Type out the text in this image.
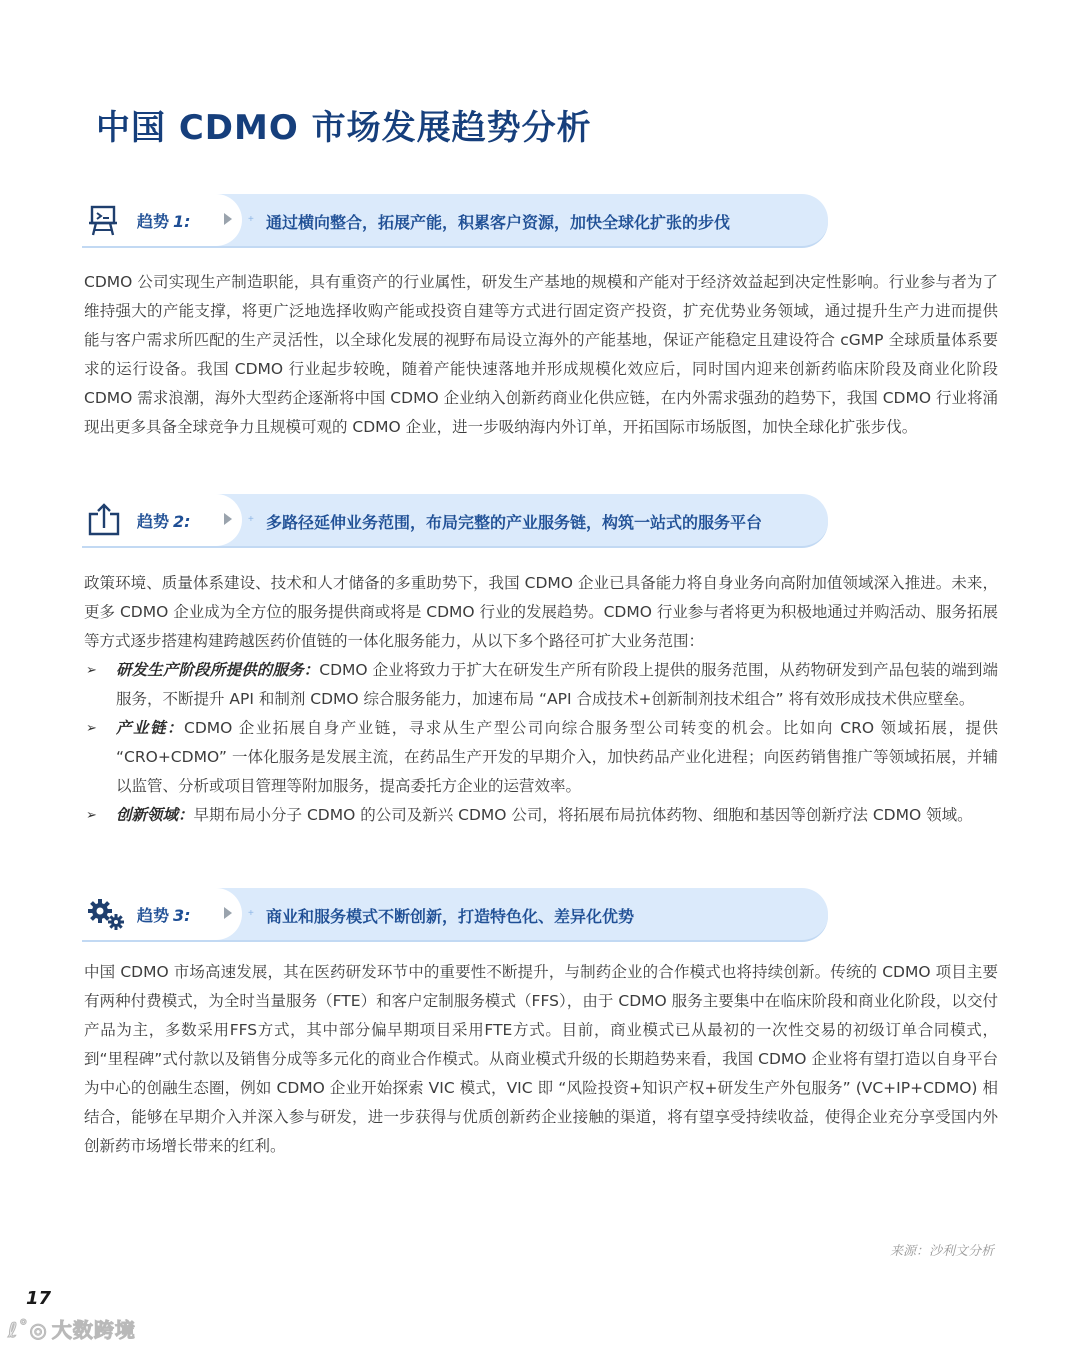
中国 CDMO 市场发展趋势分析
趋势 1:	+ 通过横向整合，拓展产能，积累客户资源，加快全球化扩张的步伐

CDMO 公司实现生产制造职能，具有重资产的行业属性，研发生产基地的规模和产能对于经济效益起到决定性影响。行业参与者为了维持强大的产能支撑，将更广泛地选择收购产能或投资自建等方式进行固定资产投资，扩充优势业务领域，通过提升生产力进而提供能与客户需求所匹配的生产灵活性，以全球化发展的视野布局设立海外的产能基地，保证产能稳定且建设符合 cGMP 全球质量体系要求的运行设备。我国 CDMO 行业起步较晚，随着产能快速落地并形成规模化效应后，同时国内迎来创新药临床阶段及商业化阶段 CDMO 需求浪潮，海外大型药企逐渐将中国 CDMO 企业纳入创新药商业化供应链，在内外需求强劲的趋势下，我国 CDMO 行业将涌现出更多具备全球竞争力且规模可观的 CDMO 企业，进一步吸纳海内外订单，开拓国际市场版图，加快全球化扩张步伐。

趋势 2:	+ 多路径延伸业务范围，布局完整的产业服务链，构筑一站式的服务平台

政策环境、质量体系建设、技术和人才储备的多重助势下，我国 CDMO 企业已具备能力将自身业务向高附加值领域深入推进。未来，更多 CDMO 企业成为全方位的服务提供商或将是 CDMO 行业的发展趋势。CDMO 行业参与者将更为积极地通过并购活动、服务拓展等方式逐步搭建构建跨越医药价值链的一体化服务能力，从以下多个路径可扩大业务范围：

➢ 研发生产阶段所提供的服务：CDMO 企业将致力于扩大在研发生产所有阶段上提供的服务范围，从药物研发到产品包装的端到端服务，不断提升 API 和制剂 CDMO 综合服务能力，加速布局 “API 合成技术+创新制剂技术组合” 将有效形成技术供应壁垒。
➢ 产业链：CDMO 企业拓展自身产业链，寻求从生产型公司向综合服务型公司转变的机会。比如向 CRO 领域拓展，提供 “CRO+CDMO” 一体化服务是发展主流，在药品生产开发的早期介入，加快药品产业化进程；向医药销售推广等领域拓展，并辅以监管、分析或项目管理等附加服务，提高委托方企业的运营效率。
➢ 创新领域：早期布局小分子 CDMO 的公司及新兴 CDMO 公司，将拓展布局抗体药物、细胞和基因等创新疗法 CDMO 领域。
趋势 3:	+ 商业和服务模式不断创新，打造特色化、差异化优势

中国 CDMO 市场高速发展，其在医药研发环节中的重要性不断提升，与制药企业的合作模式也将持续创新。传统的 CDMO 项目主要有两种付费模式，为全时当量服务（FTE）和客户定制服务模式（FFS），由于 CDMO 服务主要集中在临床阶段和商业化阶段，以交付产品为主，多数采用FFS方式，其中部分偏早期项目采用FTE方式。目前，商业模式已从最初的一次性交易的初级订单合同模式，到“里程碑”式付款以及销售分成等多元化的商业合作模式。从商业模式升级的长期趋势来看，我国 CDMO 企业将有望打造以自身平台为中心的创融生态圈，例如 CDMO 企业开始探索 VIC 模式，VIC 即 “风险投资+知识产权+研发生产外包服务” (VC+IP+CDMO) 相结合，能够在早期介入并深入参与研发，进一步获得与优质创新药企业接触的渠道，将有望享受持续收益，使得企业充分享受国内外创新药市场增长带来的红利。

来源：沙利文分析
17
ℓ˚◎ 大数跨境
